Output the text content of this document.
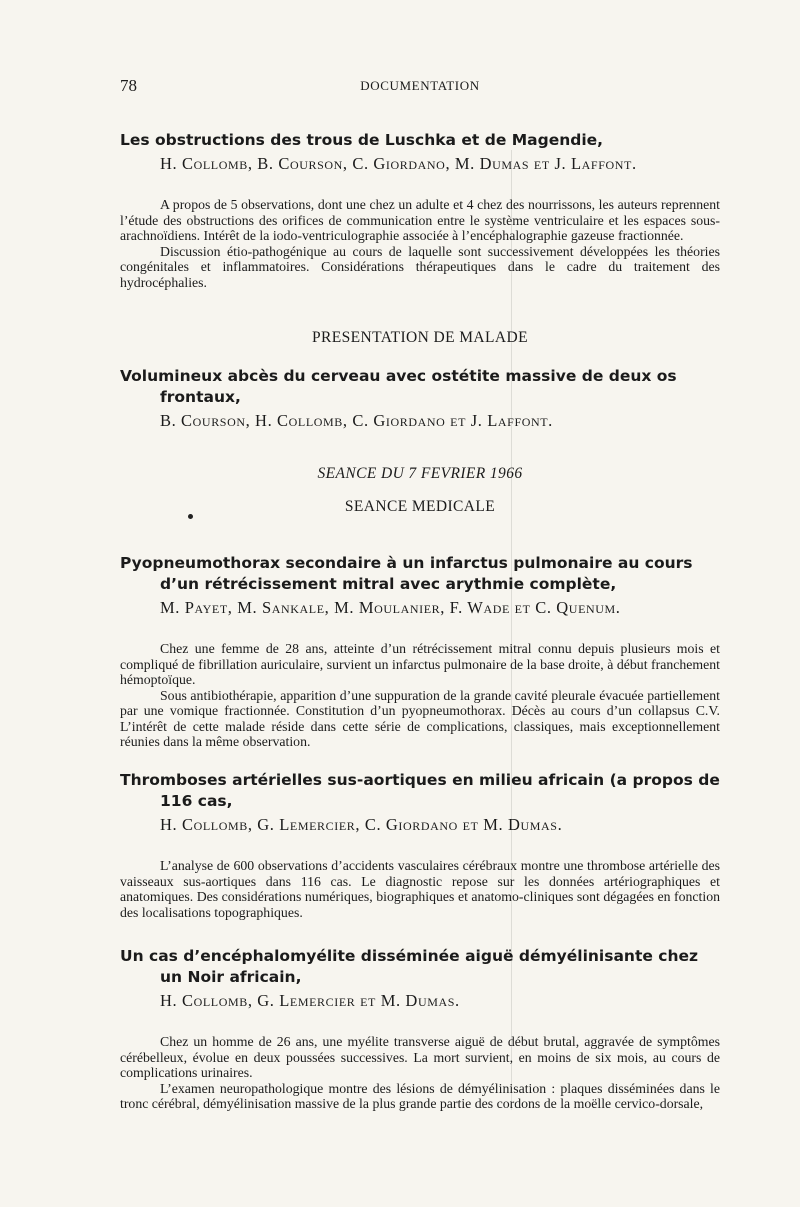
78	DOCUMENTATION
Les obstructions des trous de Luschka et de Magendie,
H. Collomb, B. Courson, C. Giordano, M. Dumas et J. Laffont.

A propos de 5 observations, dont une chez un adulte et 4 chez des nourrissons, les auteurs reprennent l’étude des obstructions des orifices de communication entre le système ventriculaire et les espaces sous-arachnoïdiens. Intérêt de la iodo-ventriculographie associée à l’encéphalographie gazeuse fractionnée.

Discussion étio-pathogénique au cours de laquelle sont successivement développées les théories congénitales et inflammatoires. Considérations thérapeutiques dans le cadre du traitement des hydrocéphalies.

PRESENTATION DE MALADE
Volumineux abcès du cerveau avec ostétite massive de deux os frontaux,
B. Courson, H. Collomb, C. Giordano et J. Laffont.
SEANCE DU 7 FEVRIER 1966
SEANCE MEDICALE
Pyopneumothorax secondaire à un infarctus pulmonaire au cours d’un rétrécissement mitral avec arythmie complète,
M. Payet, M. Sankale, M. Moulanier, F. Wade et C. Quenum.

Chez une femme de 28 ans, atteinte d’un rétrécissement mitral connu depuis plusieurs mois et compliqué de fibrillation auriculaire, survient un infarctus pulmonaire de la base droite, à début franchement hémoptoïque.

Sous antibiothérapie, apparition d’une suppuration de la grande cavité pleurale évacuée partiellement par une vomique fractionnée. Constitution d’un pyopneumothorax. Décès au cours d’un collapsus C.V. L’intérêt de cette malade réside dans cette série de complications, classiques, mais exceptionnellement réunies dans la même observation.

Thromboses artérielles sus-aortiques en milieu africain (a propos de 116 cas,
H. Collomb, G. Lemercier, C. Giordano et M. Dumas.

L’analyse de 600 observations d’accidents vasculaires cérébraux montre une thrombose artérielle des vaisseaux sus-aortiques dans 116 cas. Le diagnostic repose sur les données artériographiques et anatomiques. Des considérations numériques, biographiques et anatomo-cliniques sont dégagées en fonction des localisations topographiques.

Un cas d’encéphalomyélite disséminée aiguë démyélinisante chez un Noir africain,
H. Collomb, G. Lemercier et M. Dumas.

Chez un homme de 26 ans, une myélite transverse aiguë de début brutal, aggravée de symptômes cérébelleux, évolue en deux poussées successives. La mort survient, en moins de six mois, au cours de complications urinaires.

L’examen neuropathologique montre des lésions de démyélinisation : plaques disséminées dans le tronc cérébral, démyélinisation massive de la plus grande partie des cordons de la moëlle cervico-dorsale,
